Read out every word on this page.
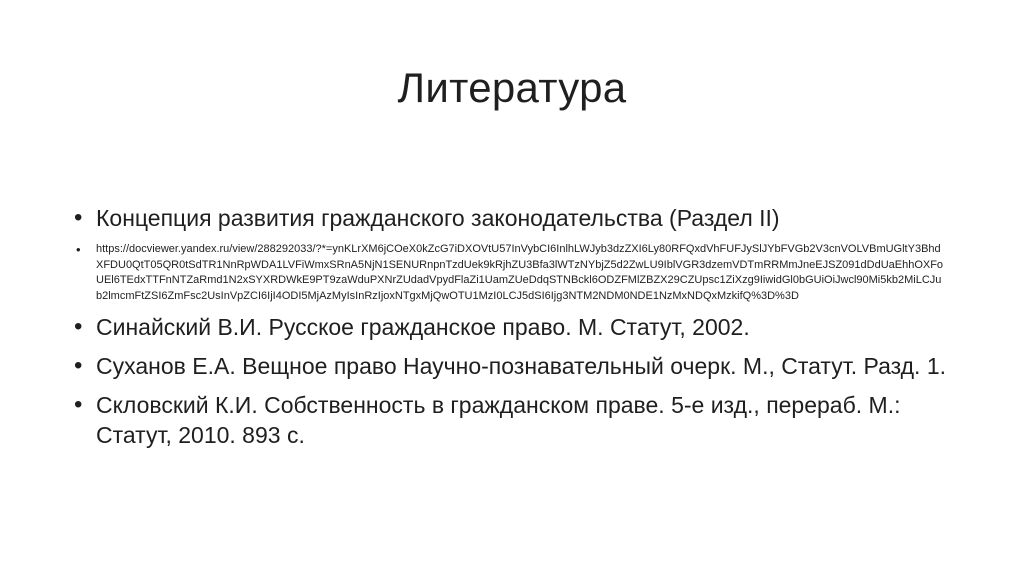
Литература
• Концепция развития гражданского законодательства (Раздел II)
• https://docviewer.yandex.ru/view/288292033/?*=ynKLrXM6jCOeX0kZcG7iDXOVtU57InVybCI6InlhLWJyb3dzZXI6Ly80RFQxdVhFUFJySlJYbFVGb2V3cnVOLVBmUGltY3BhdXFDU0QtT05QR0tSdTR1NnRpWDA1LVFiWmxSRnA5NjN1SENURnpnTzdUek9kRjhZU3Bfa3lWTzNYbjZ5d2ZwLU9IblVGR3dzemVDTmRRMmJneEJSZ091dDdUaEhhOXFoUEl6TEdxTTFnNTZaRmd1N2xSYXRDWkE9PT9zaWduPXNrZUdadVpydFlaZi1UamZUeDdqSTNBckl6ODZFMlZBZX29CZUpsc1ZiXzg9IiwidGl0bGUiOiJwcl90Mi5kb2MiLCJub2lmcmFtZSI6ZmFsc2UsInVpZCI6IjI4ODI5MjAzMyIsInRzIjoxNTgxMjQwOTU1MzI0LCJ5dSI6Ijg3NTM2NDM0NDE1NzMxNDQxMzkifQ%3D%3D
• Синайский В.И. Русское гражданское право. М. Статут, 2002.
• Суханов Е.А. Вещное право Научно-познавательный очерк. М., Статут. Разд. 1.
• Скловский К.И. Собственность в гражданском праве. 5-е изд., перераб. М.: Статут, 2010. 893 с.
